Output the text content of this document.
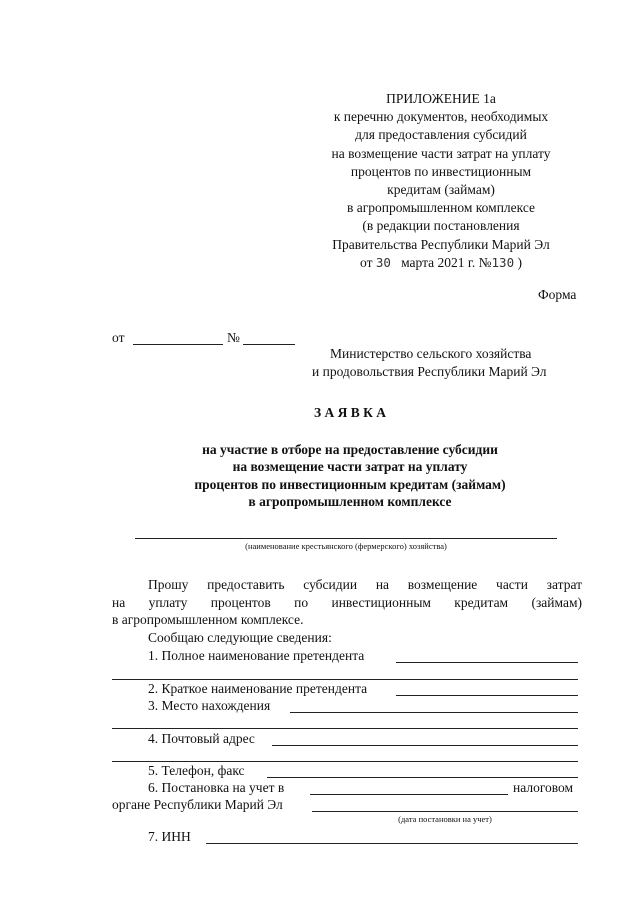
ПРИЛОЖЕНИЕ 1а
к перечню документов, необходимых
для предоставления субсидий
на возмещение части затрат на уплату
процентов по инвестиционным
кредитам (займам)
в агропромышленном комплексе
(в редакции постановления
Правительства Республики Марий Эл
от 30 марта 2021 г. №130 )
Форма
от	№
Министерство сельского хозяйства
и продовольствия Республики Марий Эл
З А Я В К А
на участие в отборе на предоставление субсидии
на возмещение части затрат на уплату
процентов по инвестиционным кредитам (займам)
в агропромышленном комплексе
(наименование крестьянского (фермерского) хозяйства)
Прошу предоставить субсидии на возмещение части затрат
на уплату процентов по инвестиционным кредитам (займам)
в агропромышленном комплексе.
Сообщаю следующие сведения:
1. Полное наименование претендента
2. Краткое наименование претендента
3. Место нахождения
4. Почтовый адрес
5. Телефон, факс
6. Постановка на учет в	налоговом
органе Республики Марий Эл
(дата постановки на учет)
7. ИНН
